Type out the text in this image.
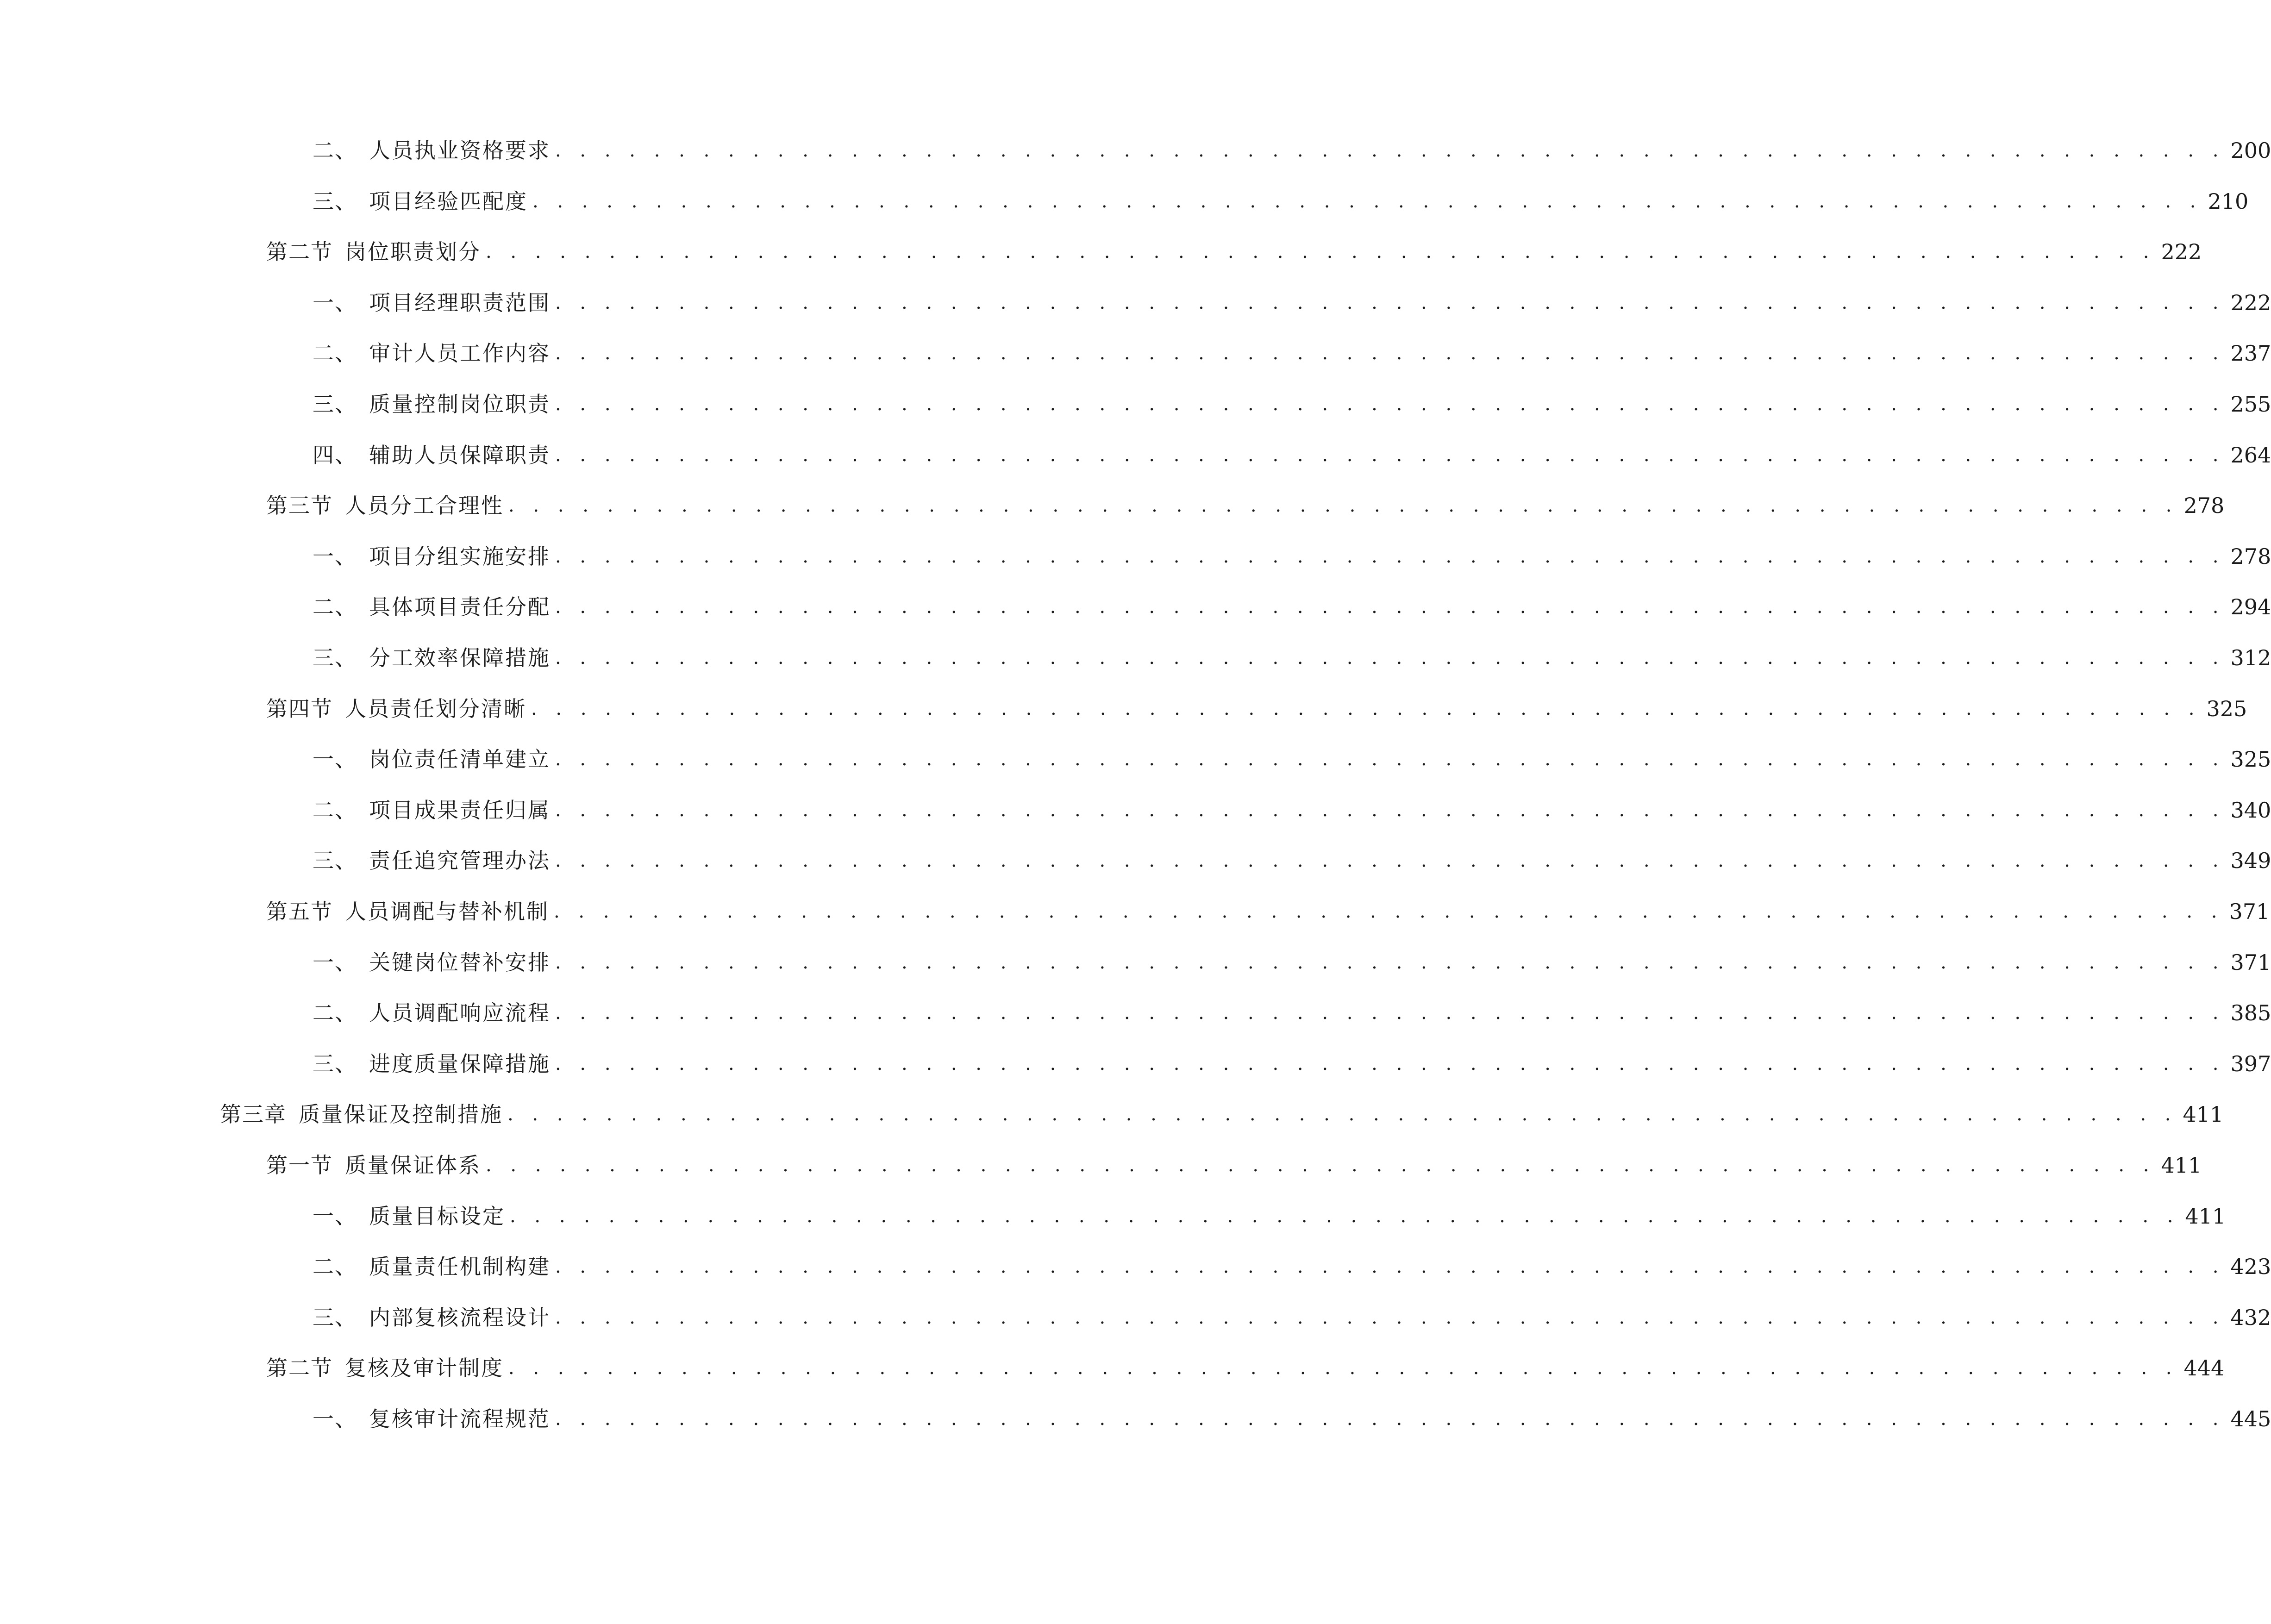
二、 人员执业资格要求 . . . . . . . . . . . . . . . . . . . . . . . . . . . . . . . . . . . . . . . . . . . . . . . . . . . . . . . . . . . . . . . . . . . . 200
三、 项目经验匹配度 . . . . . . . . . . . . . . . . . . . . . . . . . . . . . . . . . . . . . . . . . . . . . . . . . . . . . . . . . . . . . . . . . . . . 210
第二节 岗位职责划分 . . . . . . . . . . . . . . . . . . . . . . . . . . . . . . . . . . . . . . . . . . . . . . . . . . . . . . . . . . . . . . . . . . . . 222
一、 项目经理职责范围 . . . . . . . . . . . . . . . . . . . . . . . . . . . . . . . . . . . . . . . . . . . . . . . . . . . . . . . . . . . . . . . . . . . . 222
二、 审计人员工作内容 . . . . . . . . . . . . . . . . . . . . . . . . . . . . . . . . . . . . . . . . . . . . . . . . . . . . . . . . . . . . . . . . . . . . 237
三、 质量控制岗位职责 . . . . . . . . . . . . . . . . . . . . . . . . . . . . . . . . . . . . . . . . . . . . . . . . . . . . . . . . . . . . . . . . . . . . 255
四、 辅助人员保障职责 . . . . . . . . . . . . . . . . . . . . . . . . . . . . . . . . . . . . . . . . . . . . . . . . . . . . . . . . . . . . . . . . . . . . 264
第三节 人员分工合理性 . . . . . . . . . . . . . . . . . . . . . . . . . . . . . . . . . . . . . . . . . . . . . . . . . . . . . . . . . . . . . . . . . . . . 278
一、 项目分组实施安排 . . . . . . . . . . . . . . . . . . . . . . . . . . . . . . . . . . . . . . . . . . . . . . . . . . . . . . . . . . . . . . . . . . . . 278
二、 具体项目责任分配 . . . . . . . . . . . . . . . . . . . . . . . . . . . . . . . . . . . . . . . . . . . . . . . . . . . . . . . . . . . . . . . . . . . . 294
三、 分工效率保障措施 . . . . . . . . . . . . . . . . . . . . . . . . . . . . . . . . . . . . . . . . . . . . . . . . . . . . . . . . . . . . . . . . . . . . 312
第四节 人员责任划分清晰 . . . . . . . . . . . . . . . . . . . . . . . . . . . . . . . . . . . . . . . . . . . . . . . . . . . . . . . . . . . . . . . . . . . . 325
一、 岗位责任清单建立 . . . . . . . . . . . . . . . . . . . . . . . . . . . . . . . . . . . . . . . . . . . . . . . . . . . . . . . . . . . . . . . . . . . . 325
二、 项目成果责任归属 . . . . . . . . . . . . . . . . . . . . . . . . . . . . . . . . . . . . . . . . . . . . . . . . . . . . . . . . . . . . . . . . . . . . 340
三、 责任追究管理办法 . . . . . . . . . . . . . . . . . . . . . . . . . . . . . . . . . . . . . . . . . . . . . . . . . . . . . . . . . . . . . . . . . . . . 349
第五节 人员调配与替补机制 . . . . . . . . . . . . . . . . . . . . . . . . . . . . . . . . . . . . . . . . . . . . . . . . . . . . . . . . . . . . . . . . . . . . 371
一、 关键岗位替补安排 . . . . . . . . . . . . . . . . . . . . . . . . . . . . . . . . . . . . . . . . . . . . . . . . . . . . . . . . . . . . . . . . . . . . 371
二、 人员调配响应流程 . . . . . . . . . . . . . . . . . . . . . . . . . . . . . . . . . . . . . . . . . . . . . . . . . . . . . . . . . . . . . . . . . . . . 385
三、 进度质量保障措施 . . . . . . . . . . . . . . . . . . . . . . . . . . . . . . . . . . . . . . . . . . . . . . . . . . . . . . . . . . . . . . . . . . . . 397
第三章 质量保证及控制措施 . . . . . . . . . . . . . . . . . . . . . . . . . . . . . . . . . . . . . . . . . . . . . . . . . . . . . . . . . . . . . . . . . . . . 411
第一节 质量保证体系 . . . . . . . . . . . . . . . . . . . . . . . . . . . . . . . . . . . . . . . . . . . . . . . . . . . . . . . . . . . . . . . . . . . . 411
一、 质量目标设定 . . . . . . . . . . . . . . . . . . . . . . . . . . . . . . . . . . . . . . . . . . . . . . . . . . . . . . . . . . . . . . . . . . . . 411
二、 质量责任机制构建 . . . . . . . . . . . . . . . . . . . . . . . . . . . . . . . . . . . . . . . . . . . . . . . . . . . . . . . . . . . . . . . . . . . . 423
三、 内部复核流程设计 . . . . . . . . . . . . . . . . . . . . . . . . . . . . . . . . . . . . . . . . . . . . . . . . . . . . . . . . . . . . . . . . . . . . 432
第二节 复核及审计制度 . . . . . . . . . . . . . . . . . . . . . . . . . . . . . . . . . . . . . . . . . . . . . . . . . . . . . . . . . . . . . . . . . . . . 444
一、 复核审计流程规范 . . . . . . . . . . . . . . . . . . . . . . . . . . . . . . . . . . . . . . . . . . . . . . . . . . . . . . . . . . . . . . . . . . . . 445
